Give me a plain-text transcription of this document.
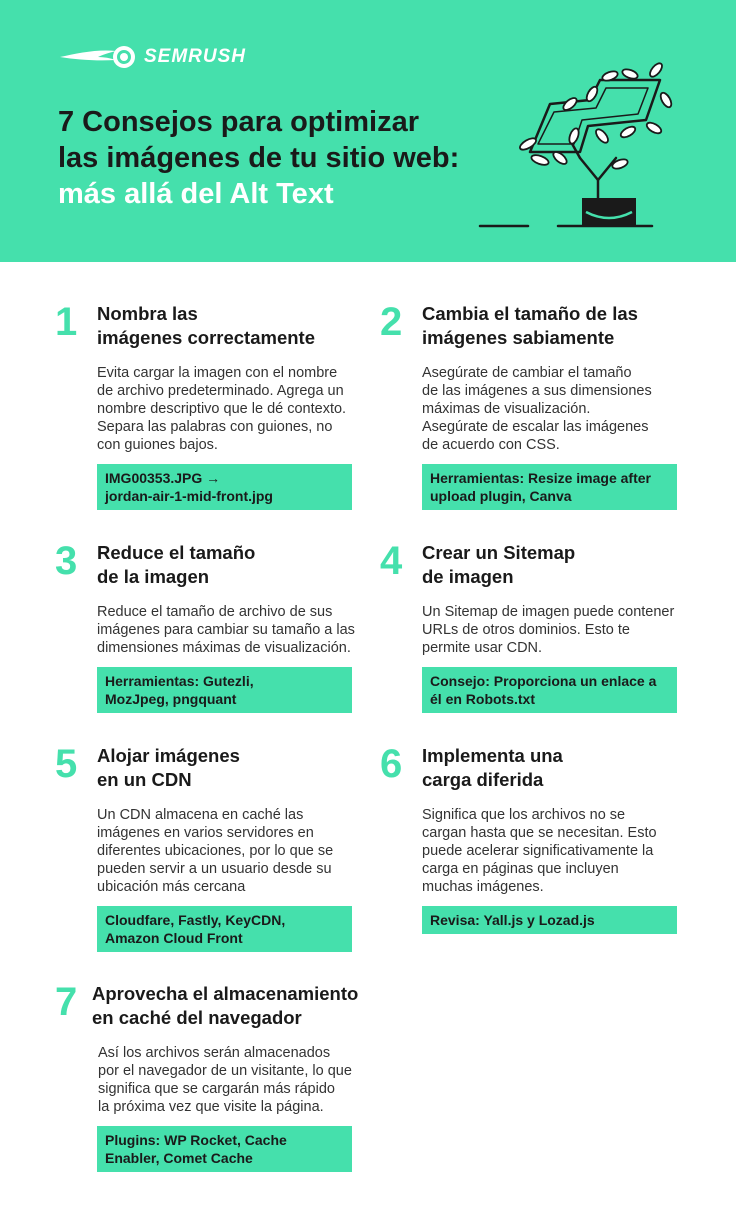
SEMRUSH
7 Consejos para optimizar
las imágenes de tu sitio web:
más allá del Alt Text
1 Nombra las
imágenes correctamente

Evita cargar la imagen con el nombre
de archivo predeterminado. Agrega un
nombre descriptivo que le dé contexto.
Separa las palabras con guiones, no
con guiones bajos.

IMG00353.JPG →
jordan-air-1-mid-front.jpg
2 Cambia el tamaño de las
imágenes sabiamente

Asegúrate de cambiar el tamaño
de las imágenes a sus dimensiones
máximas de visualización.
Asegúrate de escalar las imágenes
de acuerdo con CSS.

Herramientas: Resize image after
upload plugin, Canva
3 Reduce el tamaño
de la imagen

Reduce el tamaño de archivo de sus
imágenes para cambiar su tamaño a las
dimensiones máximas de visualización.

Herramientas: Gutezli,
MozJpeg, pngquant
4 Crear un Sitemap
de imagen

Un Sitemap de imagen puede contener
URLs de otros dominios. Esto te
permite usar CDN.

Consejo: Proporciona un enlace a
él en Robots.txt
5 Alojar imágenes
en un CDN

Un CDN almacena en caché las
imágenes en varios servidores en
diferentes ubicaciones, por lo que se
pueden servir a un usuario desde su
ubicación más cercana

Cloudfare, Fastly, KeyCDN,
Amazon Cloud Front
6 Implementa una
carga diferida

Significa que los archivos no se
cargan hasta que se necesitan. Esto
puede acelerar significativamente la
carga en páginas que incluyen
muchas imágenes.

Revisa: Yall.js y Lozad.js
7 Aprovecha el almacenamiento
en caché del navegador

Así los archivos serán almacenados
por el navegador de un visitante, lo que
significa que se cargarán más rápido
la próxima vez que visite la página.

Plugins: WP Rocket, Cache
Enabler, Comet Cache
